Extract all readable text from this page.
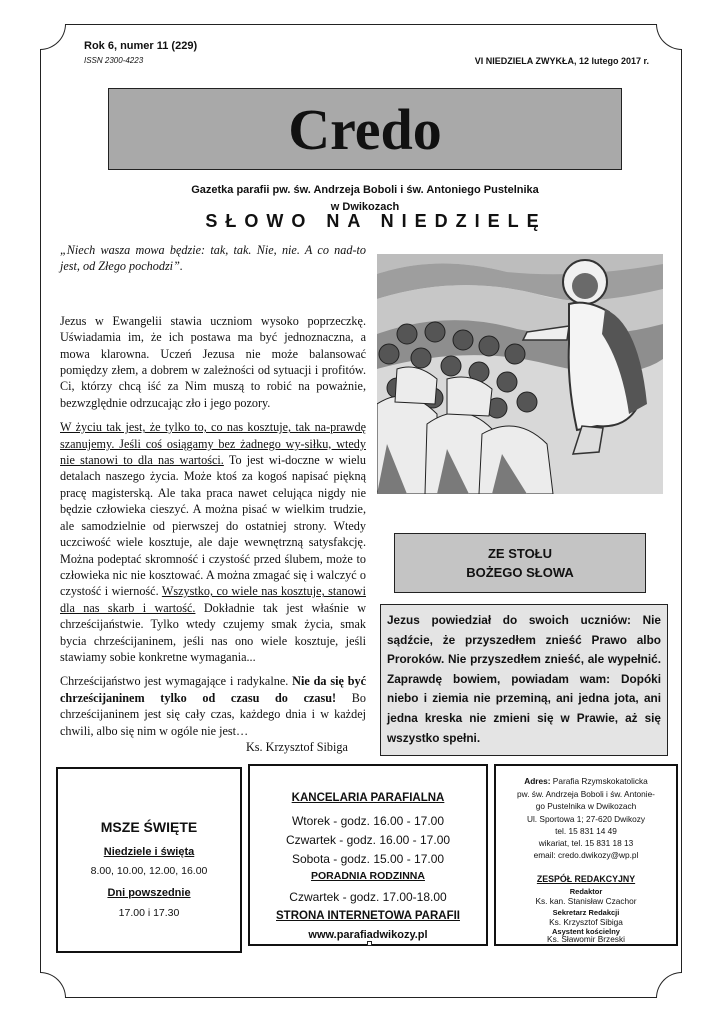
Rok 6, numer 11 (229)
ISSN 2300-4223	VI NIEDZIELA ZWYKŁA, 12 lutego 2017 r.
Credo
Gazetka parafii pw. św. Andrzeja Boboli i św. Antoniego Pustelnika
w Dwikozach
SŁOWO NA NIEDZIELĘ

„Niech wasza mowa będzie: tak, tak. Nie, nie. A co nad-to jest, od Złego pochodzi”.

Jezus w Ewangelii stawia uczniom wysoko poprzeczkę. Uświadamia im, że ich postawa ma być jednoznaczna, a mowa klarowna. Uczeń Jezusa nie może balansować pomiędzy złem, a dobrem w zależności od sytuacji i profitów. Ci, którzy chcą iść za Nim muszą to robić na poważnie, bezwzględnie odrzucając zło i jego pozory.

W życiu tak jest, że tylko to, co nas kosztuje, tak na-prawdę szanujemy. Jeśli coś osiągamy bez żadnego wy-siłku, wtedy nie stanowi to dla nas wartości. To jest wi-doczne w wielu detalach naszego życia. Może ktoś za kogoś napisać piękną pracę magisterską. Ale taka praca nawet celująca nigdy nie będzie człowieka cieszyć. A można pisać w wielkim trudzie, ale samodzielnie od pierwszej do ostatniej strony. Wtedy uczciwość wiele kosztuje, ale daje wewnętrzną satysfakcję. Można podeptać skromność i czystość przed ślubem, może to człowieka nic nie kosztować. A można zmagać się i walczyć o czystość i wierność. Wszystko, co wiele nas kosztuje, stanowi dla nas skarb i wartość. Dokładnie tak jest właśnie w chrześcijaństwie. Tylko wtedy czujemy smak życia, smak bycia chrześcijaninem, jeśli nas ono wiele kosztuje, jeśli stawiamy sobie konkretne wymagania...

Chrześcijaństwo jest wymagające i radykalne. Nie da się być chrześcijaninem tylko od czasu do czasu! Bo chrześcijaninem jest się cały czas, każdego dnia i w każdej chwili, albo się nim w ogóle nie jest…

Ks. Krzysztof Sibiga
ZE STOŁU
BOŻEGO SŁOWA
Jezus powiedział do swoich uczniów: Nie sądźcie, że przyszedłem znieść Prawo albo Proroków. Nie przyszedłem znieść, ale wypełnić. Zaprawdę bowiem, powiadam wam: Dopóki niebo i ziemia nie przeminą, ani jedna jota, ani jedna kreska nie zmieni się w Prawie, aż się wszystko spełni.
MSZE ŚWIĘTE
Niedziele i święta
8.00, 10.00, 12.00, 16.00
Dni powszednie
17.00 i 17.30
KANCELARIA PARAFIALNA
Wtorek - godz. 16.00 - 17.00
Czwartek - godz. 16.00 - 17.00
Sobota - godz. 15.00 - 17.00
PORADNIA RODZINNA
Czwartek - godz. 17.00-18.00
STRONA INTERNETOWA PARAFII
www.parafiadwikozy.pl
Adres: Parafia Rzymskokatolicka
pw. św. Andrzeja Boboli i św. Antonie-
go Pustelnika w Dwikozach
Ul. Sportowa 1; 27-620 Dwikozy
tel. 15 831 14 49
wikariat, tel. 15 831 18 13
email: credo.dwikozy@wp.pl
ZESPÓŁ REDAKCYJNY
Redaktor
Ks. kan. Stanisław Czachor
Sekretarz Redakcji
Ks. Krzysztof Sibiga
Asystent kościelny
Ks. Sławomir Brzeski
